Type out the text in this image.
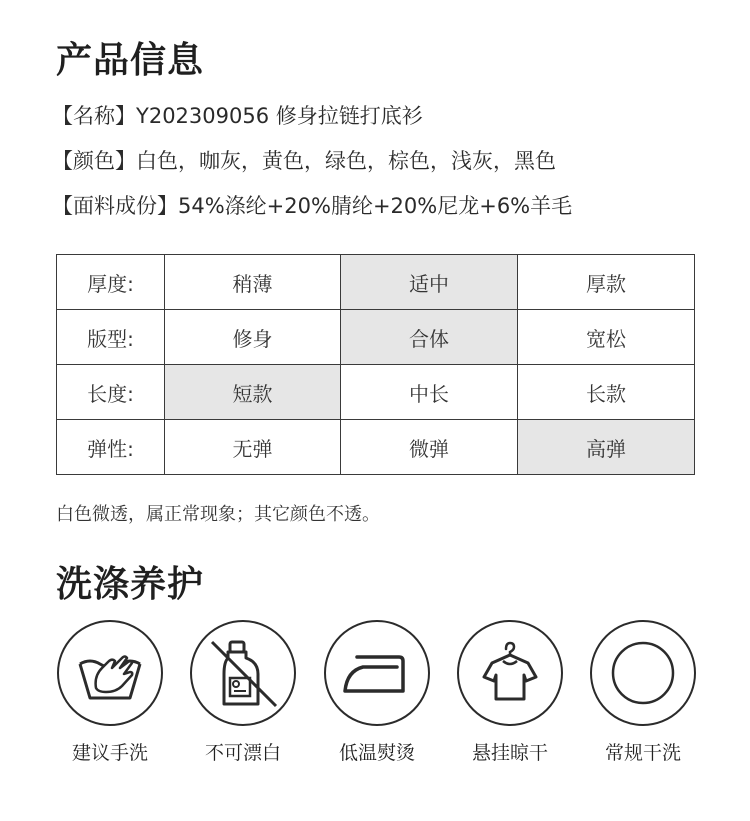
产品信息

【名称】Y202309056 修身拉链打底衫

【颜色】白色，咖灰，黄色，绿色，棕色，浅灰，黑色

【面料成份】54%涤纶+20%腈纶+20%尼龙+6%羊毛

厚度:	稍薄	适中	厚款
版型:	修身	合体	宽松
长度:	短款	中长	长款
弹性:	无弹	微弹	高弹

白色微透，属正常现象；其它颜色不透。

洗涤养护
建议手洗	不可漂白	低温熨烫	悬挂晾干	常规干洗
